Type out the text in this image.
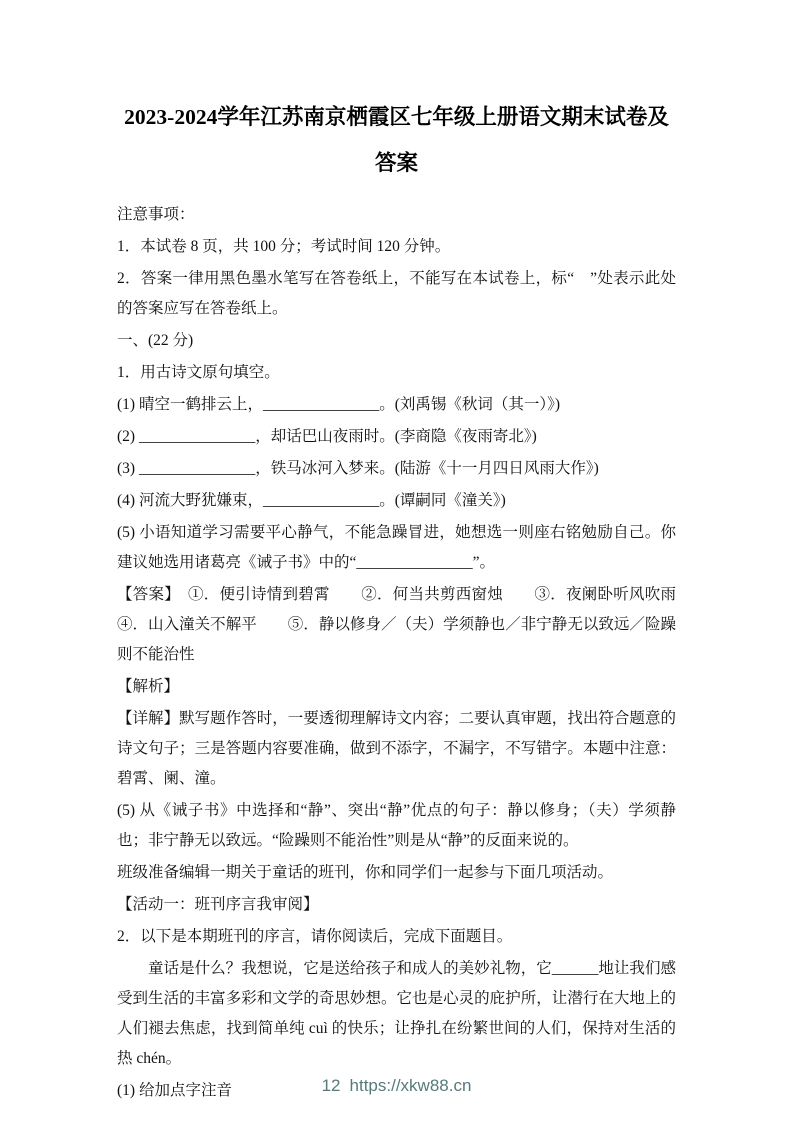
2023-2024学年江苏南京栖霞区七年级上册语文期末试卷及
答案

注意事项：

1．本试卷 8 页，共 100 分；考试时间 120 分钟。

2．答案一律用黑色墨水笔写在答卷纸上，不能写在本试卷上，标“　”处表示此处的答案应写在答卷纸上。

一、(22 分)

1．用古诗文原句填空。

(1) 晴空一鹤排云上，_______________。(刘禹锡《秋词（其一）》)

(2) _______________，却话巴山夜雨时。(李商隐《夜雨寄北》)

(3) _______________，铁马冰河入梦来。(陆游《十一月四日风雨大作》)

(4) 河流大野犹嫌束，_______________。(谭嗣同《潼关》)

(5) 小语知道学习需要平心静气，不能急躁冒进，她想选一则座右铭勉励自己。你建议她选用诸葛亮《诫子书》中的“_______________”。

【答案】　①．便引诗情到碧霄　　②．何当共剪西窗烛　　③．夜阑卧听风吹雨　　④．山入潼关不解平　　⑤．静以修身／（夫）学须静也／非宁静无以致远／险躁则不能治性

【解析】

【详解】默写题作答时，一要透彻理解诗文内容；二要认真审题，找出符合题意的诗文句子；三是答题内容要准确，做到不添字，不漏字，不写错字。本题中注意：碧霄、阑、潼。

(5) 从《诫子书》中选择和“静”、突出“静”优点的句子：静以修身；（夫）学须静也；非宁静无以致远。“险躁则不能治性”则是从“静”的反面来说的。

班级准备编辑一期关于童话的班刊，你和同学们一起参与下面几项活动。

【活动一：班刊序言我审阅】

2．以下是本期班刊的序言，请你阅读后，完成下面题目。

童话是什么？我想说，它是送给孩子和成人的美妙礼物，它______地让我们感受到生活的丰富多彩和文学的奇思妙想。它也是心灵的庇护所，让潜行在大地上的人们褪去焦虑，找到简单纯 cuì 的快乐；让挣扎在纷繁世间的人们，保持对生活的热 chén。

(1) 给加点字注音	12 https://xkw88.cn
